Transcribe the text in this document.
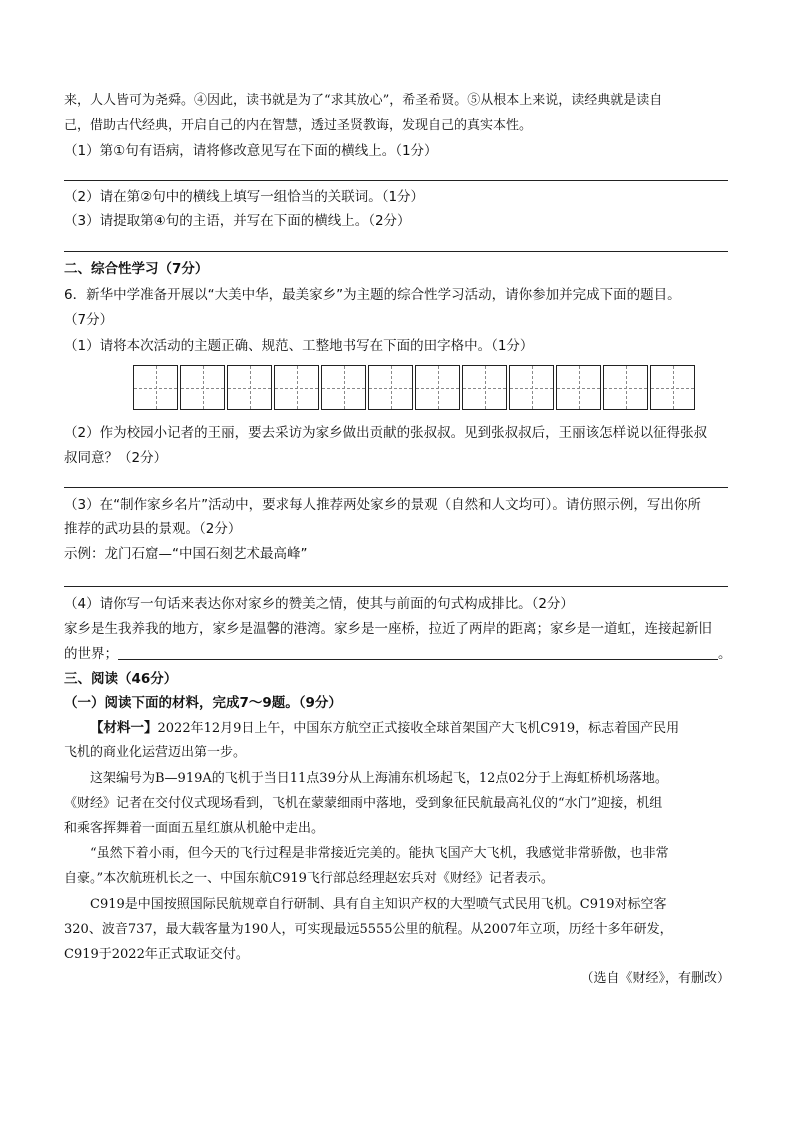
来，人人皆可为尧舜。④因此，读书就是为了“求其放心”，希圣希贤。⑤从根本上来说，读经典就是读自
己，借助古代经典，开启自己的内在智慧，透过圣贤教诲，发现自己的真实本性。
（1）第①句有语病，请将修改意见写在下面的横线上。（1分）
（2）请在第②句中的横线上填写一组恰当的关联词。（1分）
（3）请提取第④句的主语，并写在下面的横线上。（2分）
二、综合性学习（7分）
6．新华中学准备开展以“大美中华，最美家乡”为主题的综合性学习活动，请你参加并完成下面的题目。
（7分）
（1）请将本次活动的主题正确、规范、工整地书写在下面的田字格中。（1分）
（2）作为校园小记者的王丽，要去采访为家乡做出贡献的张叔叔。见到张叔叔后，王丽该怎样说以征得张叔
叔同意？（2分）
（3）在“制作家乡名片”活动中，要求每人推荐两处家乡的景观（自然和人文均可）。请仿照示例，写出你所
推荐的武功县的景观。（2分）
示例：龙门石窟—“中国石刻艺术最高峰”
（4）请你写一句话来表达你对家乡的赞美之情，使其与前面的句式构成排比。（2分）
家乡是生我养我的地方，家乡是温馨的港湾。家乡是一座桥，拉近了两岸的距离；家乡是一道虹，连接起新旧
的世界；	。
三、阅读（46分）
（一）阅读下面的材料，完成7～9题。（9分）
【材料一】2022年12月9日上午，中国东方航空正式接收全球首架国产大飞机C919，标志着国产民用
飞机的商业化运营迈出第一步。
这架编号为B—919A的飞机于当日11点39分从上海浦东机场起飞，12点02分于上海虹桥机场落地。
《财经》记者在交付仪式现场看到，飞机在蒙蒙细雨中落地，受到象征民航最高礼仪的“水门”迎接，机组
和乘客挥舞着一面面五星红旗从机舱中走出。
“虽然下着小雨，但今天的飞行过程是非常接近完美的。能执飞国产大飞机，我感觉非常骄傲，也非常
自豪。”本次航班机长之一、中国东航C919飞行部总经理赵宏兵对《财经》记者表示。
C919是中国按照国际民航规章自行研制、具有自主知识产权的大型喷气式民用飞机。C919对标空客
320、波音737，最大载客量为190人，可实现最远5555公里的航程。从2007年立项，历经十多年研发，
C919于2022年正式取证交付。
（选自《财经》，有删改）
